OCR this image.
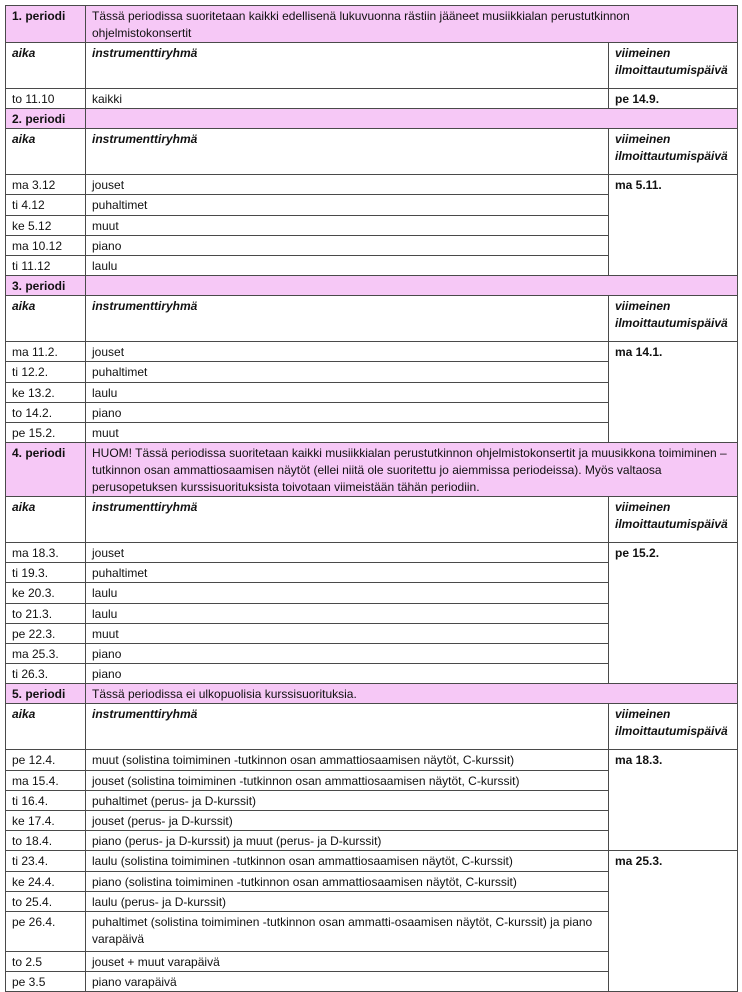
1. periodi	Tässä periodissa suoritetaan kaikki edellisenä lukuvuonna rästiin jääneet musiikkialan perustutkinnon ohjelmistokonsertit	
aika	instrumenttiryhmä	viimeinen ilmoittautumispäivä
to 11.10	kaikki	pe 14.9.
2. periodi		
aika	instrumenttiryhmä	viimeinen ilmoittautumispäivä
ma 3.12	jouset	ma 5.11.
ti 4.12	puhaltimet	
ke 5.12	muut	
ma 10.12	piano	
ti 11.12	laulu	
3. periodi		
aika	instrumenttiryhmä	viimeinen ilmoittautumispäivä
ma 11.2.	jouset	ma 14.1.
ti 12.2.	puhaltimet	
ke 13.2.	laulu	
to 14.2.	piano	
pe 15.2.	muut	
4. periodi	HUOM! Tässä periodissa suoritetaan kaikki musiikkialan perustutkinnon ohjelmistokonsertit ja muusikkona toimiminen – tutkinnon osan ammattiosaamisen näytöt (ellei niitä ole suoritettu jo aiemmissa periodeissa). Myös valtaosa perusopetuksen kurssisuorituksista toivotaan viimeistään tähän periodiin.	
aika	instrumenttiryhmä	viimeinen ilmoittautumispäivä
ma 18.3.	jouset	pe 15.2.
ti 19.3.	puhaltimet	
ke 20.3.	laulu	
to 21.3.	laulu	
pe 22.3.	muut	
ma 25.3.	piano	
ti 26.3.	piano	
5. periodi	Tässä periodissa ei ulkopuolisia kurssisuorituksia.	
aika	instrumenttiryhmä	viimeinen ilmoittautumispäivä
pe 12.4.	muut (solistina toimiminen -tutkinnon osan ammattiosaamisen näytöt, C-kurssit)	ma 18.3.
ma 15.4.	jouset (solistina toimiminen -tutkinnon osan ammattiosaamisen näytöt, C-kurssit)	
ti 16.4.	puhaltimet (perus- ja D-kurssit)	
ke 17.4.	jouset (perus- ja D-kurssit)	
to 18.4.	piano (perus- ja D-kurssit) ja muut (perus- ja D-kurssit)	
ti 23.4.	laulu (solistina toimiminen -tutkinnon osan ammattiosaamisen näytöt, C-kurssit)	ma 25.3.
ke 24.4.	piano (solistina toimiminen -tutkinnon osan ammattiosaamisen näytöt, C-kurssit)	
to 25.4.	laulu (perus- ja D-kurssit)	
pe 26.4.	puhaltimet (solistina toimiminen -tutkinnon osan ammatti-osaamisen näytöt, C-kurssit) ja piano varapäivä	
to 2.5	jouset + muut varapäivä	
pe 3.5	piano varapäivä	
